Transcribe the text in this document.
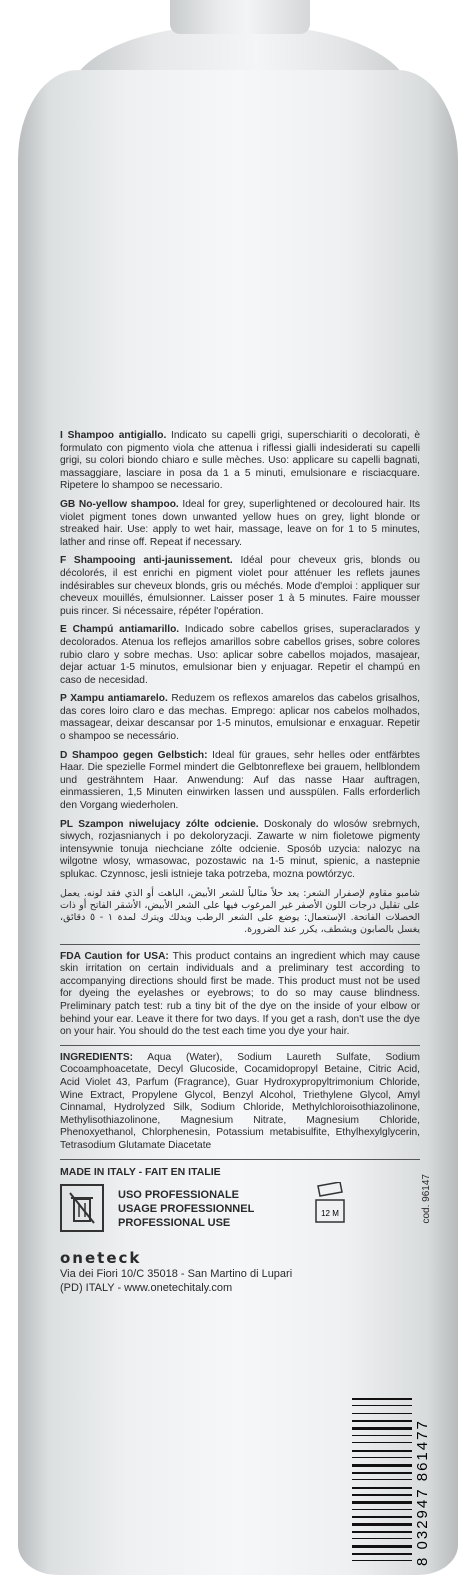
I Shampoo antigiallo. Indicato su capelli grigi, superschiariti o decolorati, è formulato con pigmento viola che attenua i riflessi gialli indesiderati su capelli grigi, su colori biondo chiaro e sulle mèches. Uso: applicare su capelli bagnati, massaggiare, lasciare in posa da 1 a 5 minuti, emulsionare e risciacquare. Ripetere lo shampoo se necessario.

GB No-yellow shampoo. Ideal for grey, superlightened or decoloured hair. Its violet pigment tones down unwanted yellow hues on grey, light blonde or streaked hair. Use: apply to wet hair, massage, leave on for 1 to 5 minutes, lather and rinse off. Repeat if necessary.

F Shampooing anti-jaunissement. Idéal pour cheveux gris, blonds ou décolorés, il est enrichi en pigment violet pour atténuer les reflets jaunes indésirables sur cheveux blonds, gris ou méchés. Mode d'emploi : appliquer sur cheveux mouillés, émulsionner. Laisser poser 1 à 5 minutes. Faire mousser puis rincer. Si nécessaire, répéter l'opération.

E Champú antiamarillo. Indicado sobre cabellos grises, superaclarados y decolorados. Atenua los reflejos amarillos sobre cabellos grises, sobre colores rubio claro y sobre mechas. Uso: aplicar sobre cabellos mojados, masajear, dejar actuar 1-5 minutos, emulsionar bien y enjuagar. Repetir el champú en caso de necesidad.

P Xampu antiamarelo. Reduzem os reflexos amarelos das cabelos grisalhos, das cores loiro claro e das mechas. Emprego: aplicar nos cabelos molhados, massagear, deixar descansar por 1-5 minutos, emulsionar e enxaguar. Repetir o shampoo se necessário.

D Shampoo gegen Gelbstich: Ideal für graues, sehr helles oder entfärbtes Haar. Die spezielle Formel mindert die Gelbtonreflexe bei grauem, hellblondem und gesträhntem Haar. Anwendung: Auf das nasse Haar auftragen, einmassieren, 1,5 Minuten einwirken lassen und ausspülen. Falls erforderlich den Vorgang wiederholen.

PL Szampon niwelujacy zólte odcienie. Doskonaly do wlosów srebrnych, siwych, rozjasnianych i po dekoloryzacji. Zawarte w nim fioletowe pigmenty intensywnie tonuja niechciane zólte odcienie. Sposób uzycia: nalozyc na wilgotne wlosy, wmasowac, pozostawic na 1-5 minut, spienic, a nastepnie splukac. Czynnosc, jesli istnieje taka potrzeba, mozna powtórzyc.

شامبو مقاوم لإصفرار الشعر: يعد حلاً مثالياً للشعر الأبيض، الباهت أو الذي فقد لونه. يعمل على تقليل درجات اللون الأصفر غير المرغوب فيها على الشعر الأبيض، الأشقر الفاتح أو ذات الخصلات الفاتحة. الإستعمال: يوضع على الشعر الرطب ويدلك ويترك لمدة ١ - ٥ دقائق، يغسل بالصابون ويشطف، يكرر عند الضرورة.

FDA Caution for USA: This product contains an ingredient which may cause skin irritation on certain individuals and a preliminary test according to accompanying directions should first be made. This product must not be used for dyeing the eyelashes or eyebrows; to do so may cause blindness. Preliminary patch test: rub a tiny bit of the dye on the inside of your elbow or behind your ear. Leave it there for two days. If you get a rash, don't use the dye on your hair. You should do the test each time you dye your hair.

INGREDIENTS: Aqua (Water), Sodium Laureth Sulfate, Sodium Cocoamphoacetate, Decyl Glucoside, Cocamidopropyl Betaine, Citric Acid, Acid Violet 43, Parfum (Fragrance), Guar Hydroxypropyltrimonium Chloride, Wine Extract, Propylene Glycol, Benzyl Alcohol, Triethylene Glycol, Amyl Cinnamal, Hydrolyzed Silk, Sodium Chloride, Methylchloroisothiazolinone, Methylisothiazolinone, Magnesium Nitrate, Magnesium Chloride, Phenoxyethanol, Chlorphenesin, Potassium metabisulfite, Ethylhexylglycerin, Tetrasodium Glutamate Diacetate

MADE IN ITALY - FAIT EN ITALIE
USO PROFESSIONALE
USAGE PROFESSIONNEL
PROFESSIONAL USE
12 M	cod. 96147
oneteck
Via dei Fiori 10/C 35018 - San Martino di Lupari
(PD) ITALY - www.onetechitaly.com
8 032947 861477
